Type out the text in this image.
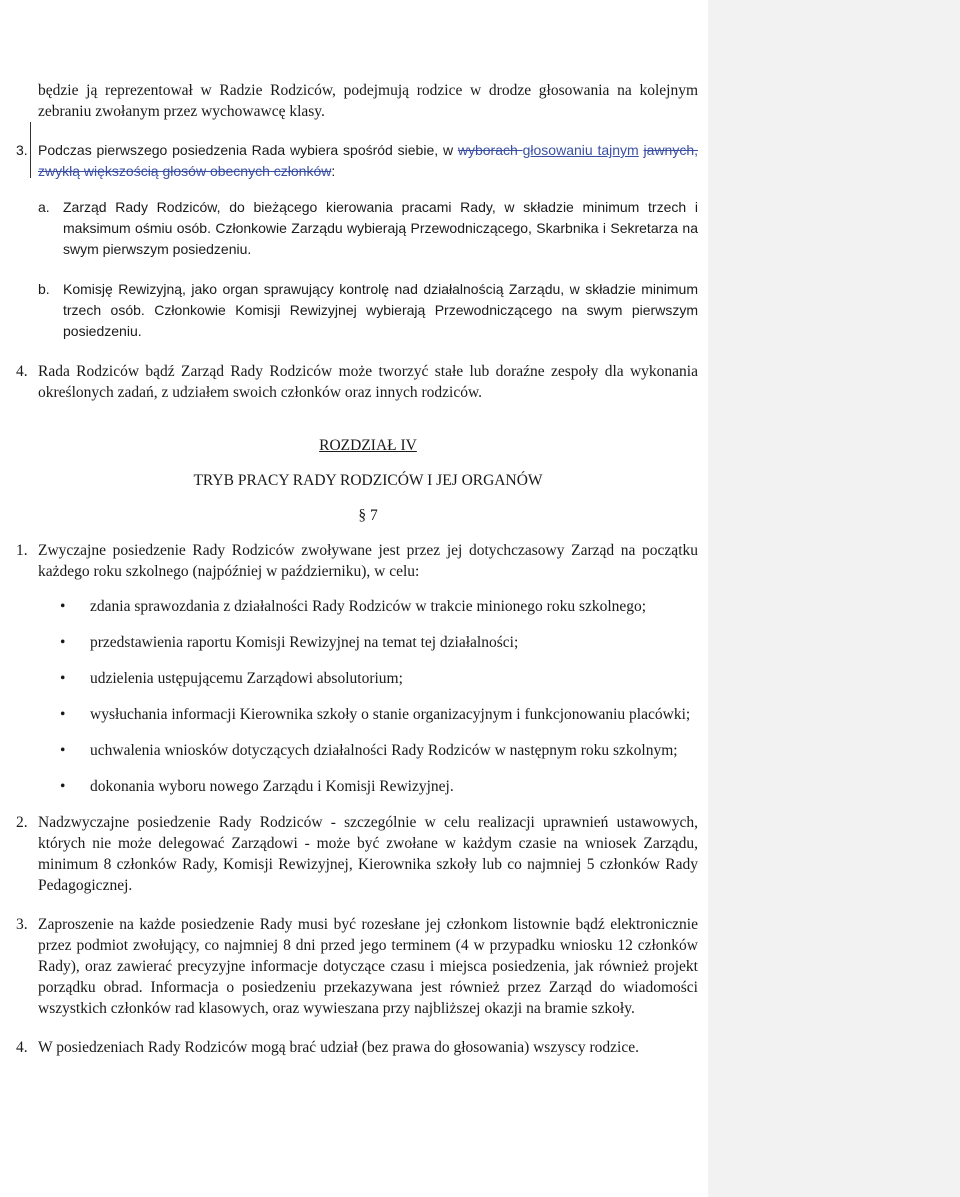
będzie ją reprezentował w Radzie Rodziców, podejmują rodzice w drodze głosowania na kolejnym zebraniu zwołanym przez wychowawcę klasy.

3. Podczas pierwszego posiedzenia Rada wybiera spośród siebie, w wyborach głosowaniu tajnym jawnych, zwykłą większością głosów obecnych członków:

a. Zarząd Rady Rodziców, do bieżącego kierowania pracami Rady, w składzie minimum trzech i maksimum ośmiu osób. Członkowie Zarządu wybierają Przewodniczącego, Skarbnika i Sekretarza na swym pierwszym posiedzeniu.

b. Komisję Rewizyjną, jako organ sprawujący kontrolę nad działalnością Zarządu, w składzie minimum trzech osób. Członkowie Komisji Rewizyjnej wybierają Przewodniczącego na swym pierwszym posiedzeniu.

4. Rada Rodziców bądź Zarząd Rady Rodziców może tworzyć stałe lub doraźne zespoły dla wykonania określonych zadań, z udziałem swoich członków oraz innych rodziców.

ROZDZIAŁ IV

TRYB PRACY RADY RODZICÓW I JEJ ORGANÓW

§ 7

1. Zwyczajne posiedzenie Rady Rodziców zwoływane jest przez jej dotychczasowy Zarząd na początku każdego roku szkolnego (najpóźniej w październiku), w celu:

• zdania sprawozdania z działalności Rady Rodziców w trakcie minionego roku szkolnego;
• przedstawienia raportu Komisji Rewizyjnej na temat tej działalności;
• udzielenia ustępującemu Zarządowi absolutorium;
• wysłuchania informacji Kierownika szkoły o stanie organizacyjnym i funkcjonowaniu placówki;
• uchwalenia wniosków dotyczących działalności Rady Rodziców w następnym roku szkolnym;
• dokonania wyboru nowego Zarządu i Komisji Rewizyjnej.
2. Nadzwyczajne posiedzenie Rady Rodziców - szczególnie w celu realizacji uprawnień ustawowych, których nie może delegować Zarządowi - może być zwołane w każdym czasie na wniosek Zarządu, minimum 8 członków Rady, Komisji Rewizyjnej, Kierownika szkoły lub co najmniej 5 członków Rady Pedagogicznej.

3. Zaproszenie na każde posiedzenie Rady musi być rozesłane jej członkom listownie bądź elektronicznie przez podmiot zwołujący, co najmniej 8 dni przed jego terminem (4 w przypadku wniosku 12 członków Rady), oraz zawierać precyzyjne informacje dotyczące czasu i miejsca posiedzenia, jak również projekt porządku obrad. Informacja o posiedzeniu przekazywana jest również przez Zarząd do wiadomości wszystkich członków rad klasowych, oraz wywieszana przy najbliższej okazji na bramie szkoły.

4. W posiedzeniach Rady Rodziców mogą brać udział (bez prawa do głosowania) wszyscy rodzice.
